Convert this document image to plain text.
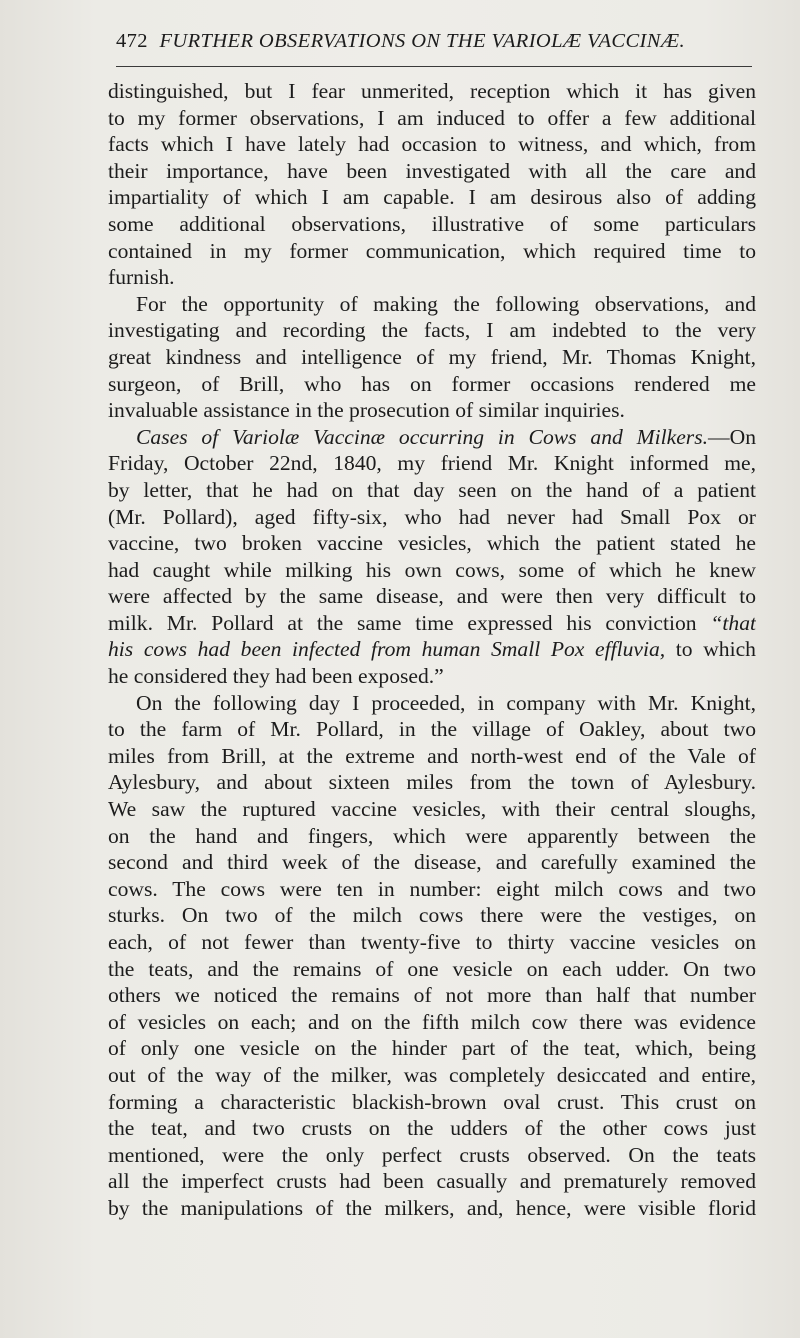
472 FURTHER OBSERVATIONS ON THE VARIOLÆ VACCINÆ.
distinguished, but I fear unmerited, reception which it has given
to my former observations, I am induced to offer a few additional
facts which I have lately had occasion to witness, and which, from
their importance, have been investigated with all the care and
impartiality of which I am capable. I am desirous also of adding
some additional observations, illustrative of some particulars
contained in my former communication, which required time to
furnish.
For the opportunity of making the following observations, and
investigating and recording the facts, I am indebted to the very
great kindness and intelligence of my friend, Mr. Thomas Knight,
surgeon, of Brill, who has on former occasions rendered me
invaluable assistance in the prosecution of similar inquiries.
Cases of Variolæ Vaccinæ occurring in Cows and Milkers.—On
Friday, October 22nd, 1840, my friend Mr. Knight informed me,
by letter, that he had on that day seen on the hand of a patient
(Mr. Pollard), aged fifty-six, who had never had Small Pox or
vaccine, two broken vaccine vesicles, which the patient stated he
had caught while milking his own cows, some of which he knew
were affected by the same disease, and were then very difficult to
milk. Mr. Pollard at the same time expressed his conviction “that
his cows had been infected from human Small Pox effluvia, to which
he considered they had been exposed.”
On the following day I proceeded, in company with Mr. Knight,
to the farm of Mr. Pollard, in the village of Oakley, about two
miles from Brill, at the extreme and north-west end of the Vale of
Aylesbury, and about sixteen miles from the town of Aylesbury.
We saw the ruptured vaccine vesicles, with their central sloughs,
on the hand and fingers, which were apparently between the
second and third week of the disease, and carefully examined the
cows. The cows were ten in number: eight milch cows and two
sturks. On two of the milch cows there were the vestiges, on
each, of not fewer than twenty-five to thirty vaccine vesicles on
the teats, and the remains of one vesicle on each udder. On two
others we noticed the remains of not more than half that number
of vesicles on each; and on the fifth milch cow there was evidence
of only one vesicle on the hinder part of the teat, which, being
out of the way of the milker, was completely desiccated and entire,
forming a characteristic blackish-brown oval crust. This crust on
the teat, and two crusts on the udders of the other cows just
mentioned, were the only perfect crusts observed. On the teats
all the imperfect crusts had been casually and prematurely removed
by the manipulations of the milkers, and, hence, were visible florid
